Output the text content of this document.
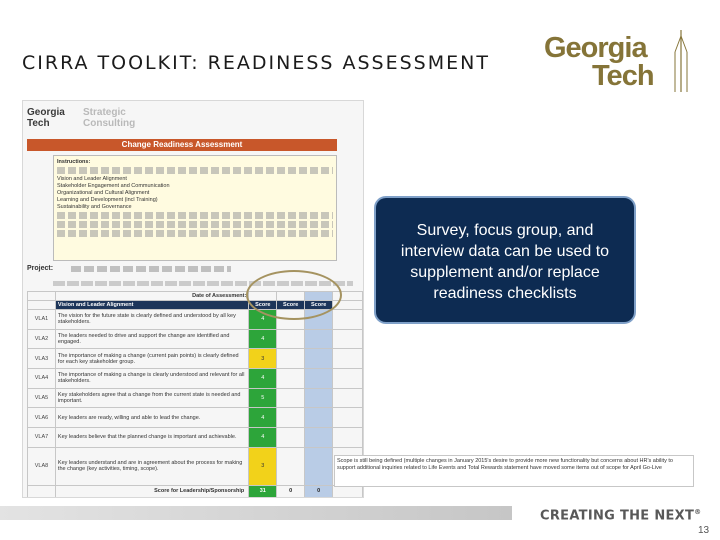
CIRRA TOOLKIT: READINESS ASSESSMENT Georgia
Tech
Georgia
Tech
Strategic
Consulting
Change Readiness Assessment
Instructions:
Vision and Leader Alignment
Stakeholder Engagement and Communication
Organizational and Cultural Alignment
Learning and Development (incl Training)
Sustainability and Governance
Project:
	Date of Assessment:				
	Vision and Leader Alignment	Score	Score	Score	
VLA1	The vision for the future state is clearly defined and understood by all key stakeholders.	4			
VLA2	The leaders needed to drive and support the change are identified and engaged.	4			
VLA3	The importance of making a change (current pain points) is clearly defined for each key stakeholder group.	3			
VLA4	The importance of making a change is clearly understood and relevant for all stakeholders.	4			
VLA5	Key stakeholders agree that a change from the current state is needed and important.	5			
VLA6	Key leaders are ready, willing and able to lead the change.	4			
VLA7	Key leaders believe that the planned change is important and achievable.	4			
VLA8	Key leaders understand and are in agreement about the process for making the change (key activities, timing, scope).	3			
	Score for Leadership/Sponsorship	31	0	0	
Scope is still being defined (multiple changes in January 2015's desire to provide more new functionality but concerns about HR's ability to support additional inquiries related to Life Events and Total Rewards statement have moved some items out of scope for April Go-Live
Survey, focus group, and interview data can be used to supplement and/or replace readiness checklists
CREATING THE NEXT®
13
